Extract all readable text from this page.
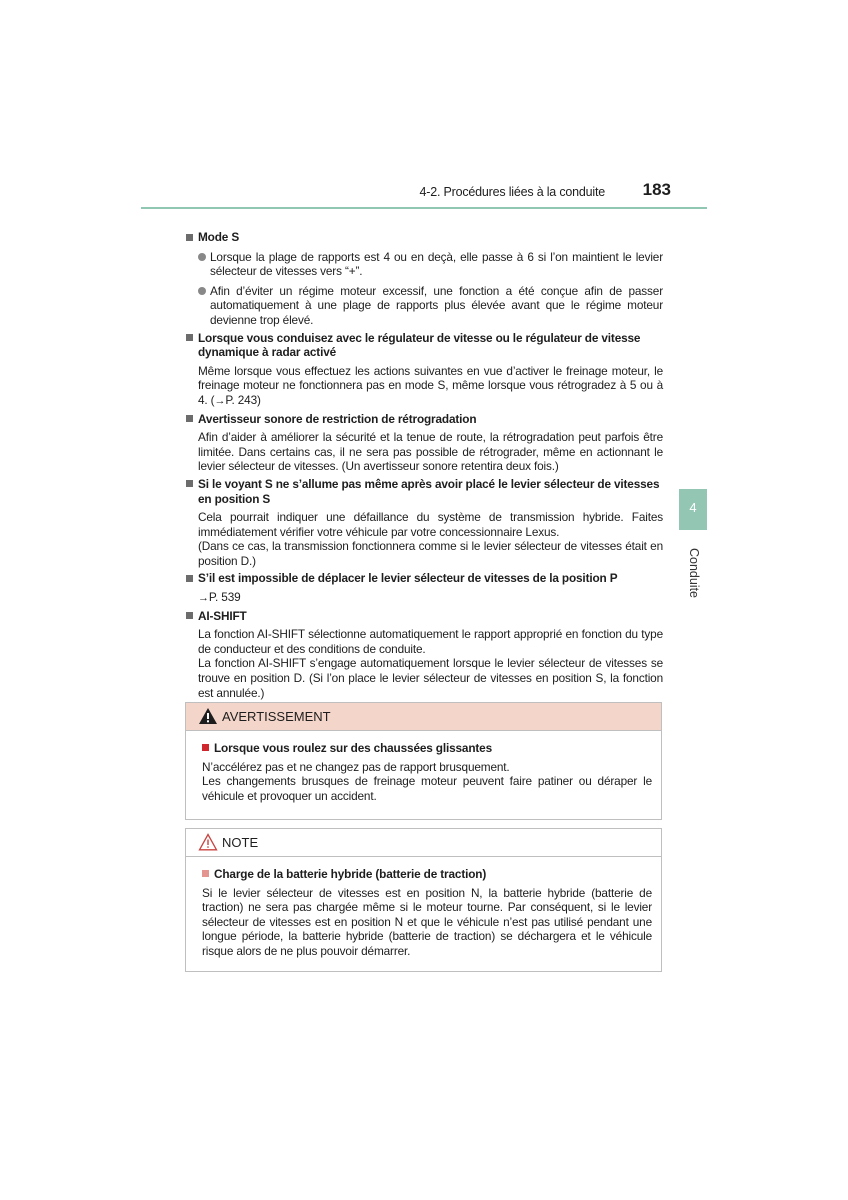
4-2. Procédures liées à la conduite 183
4
Conduite
Mode S
Lorsque la plage de rapports est 4 ou en deçà, elle passe à 6 si l’on maintient le levier sélecteur de vitesses vers “+”.
Afin d’éviter un régime moteur excessif, une fonction a été conçue afin de passer automatiquement à une plage de rapports plus élevée avant que le régime moteur devienne trop élevé.
Lorsque vous conduisez avec le régulateur de vitesse ou le régulateur de vitesse dynamique à radar activé
Même lorsque vous effectuez les actions suivantes en vue d’activer le freinage moteur, le freinage moteur ne fonctionnera pas en mode S, même lorsque vous rétrogradez à 5 ou à 4. (→P. 243)
Avertisseur sonore de restriction de rétrogradation

Afin d’aider à améliorer la sécurité et la tenue de route, la rétrogradation peut parfois être limitée. Dans certains cas, il ne sera pas possible de rétrograder, même en actionnant le levier sélecteur de vitesses. (Un avertisseur sonore retentira deux fois.)

Si le voyant S ne s’allume pas même après avoir placé le levier sélecteur de vitesses en position S

Cela pourrait indiquer une défaillance du système de transmission hybride. Faites immédiatement vérifier votre véhicule par votre concessionnaire Lexus.

(Dans ce cas, la transmission fonctionnera comme si le levier sélecteur de vitesses était en position D.)

S’il est impossible de déplacer le levier sélecteur de vitesses de la position P
→P. 539
AI-SHIFT

La fonction AI-SHIFT sélectionne automatiquement le rapport approprié en fonction du type de conducteur et des conditions de conduite.

La fonction AI-SHIFT s’engage automatiquement lorsque le levier sélecteur de vitesses se trouve en position D. (Si l’on place le levier sélecteur de vitesses en position S, la fonction est annulée.)

AVERTISSEMENT
Lorsque vous roulez sur des chaussées glissantes

N’accélérez pas et ne changez pas de rapport brusquement.

Les changements brusques de freinage moteur peuvent faire patiner ou déraper le véhicule et provoquer un accident.

NOTE
Charge de la batterie hybride (batterie de traction)

Si le levier sélecteur de vitesses est en position N, la batterie hybride (batterie de traction) ne sera pas chargée même si le moteur tourne. Par conséquent, si le levier sélecteur de vitesses est en position N et que le véhicule n’est pas utilisé pendant une longue période, la batterie hybride (batterie de traction) se déchargera et le véhicule risque alors de ne plus pouvoir démarrer.
